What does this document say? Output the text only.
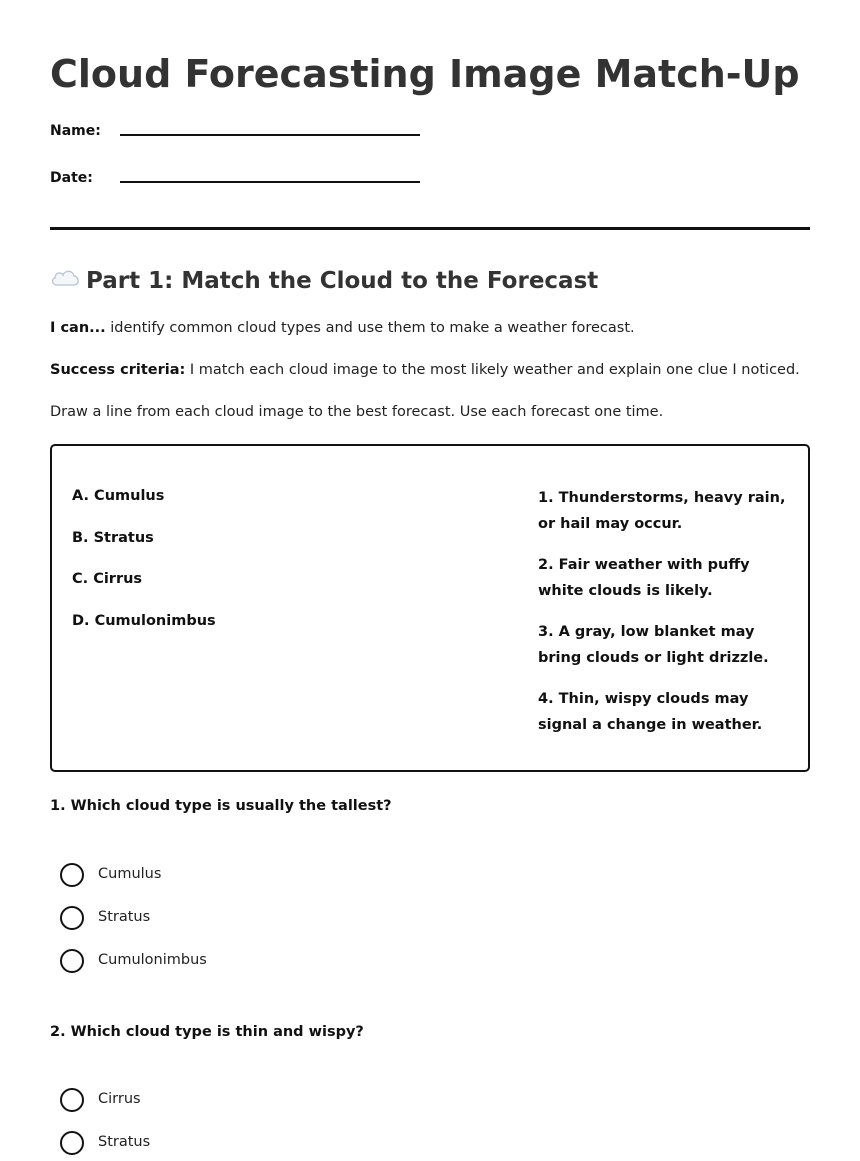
Cloud Forecasting Image Match-Up
Name:
Date:
Part 1: Match the Cloud to the Forecast

I can... identify common cloud types and use them to make a weather forecast.

Success criteria: I match each cloud image to the most likely weather and explain one clue I noticed.

Draw a line from each cloud image to the best forecast. Use each forecast one time.

A. Cumulus
B. Stratus
C. Cirrus
D. Cumulonimbus
1. Thunderstorms, heavy rain, or hail may occur.
2. Fair weather with puffy white clouds is likely.
3. A gray, low blanket may bring clouds or light drizzle.
4. Thin, wispy clouds may signal a change in weather.

1. Which cloud type is usually the tallest?

Cumulus
Stratus
Cumulonimbus

2. Which cloud type is thin and wispy?

Cirrus
Stratus
